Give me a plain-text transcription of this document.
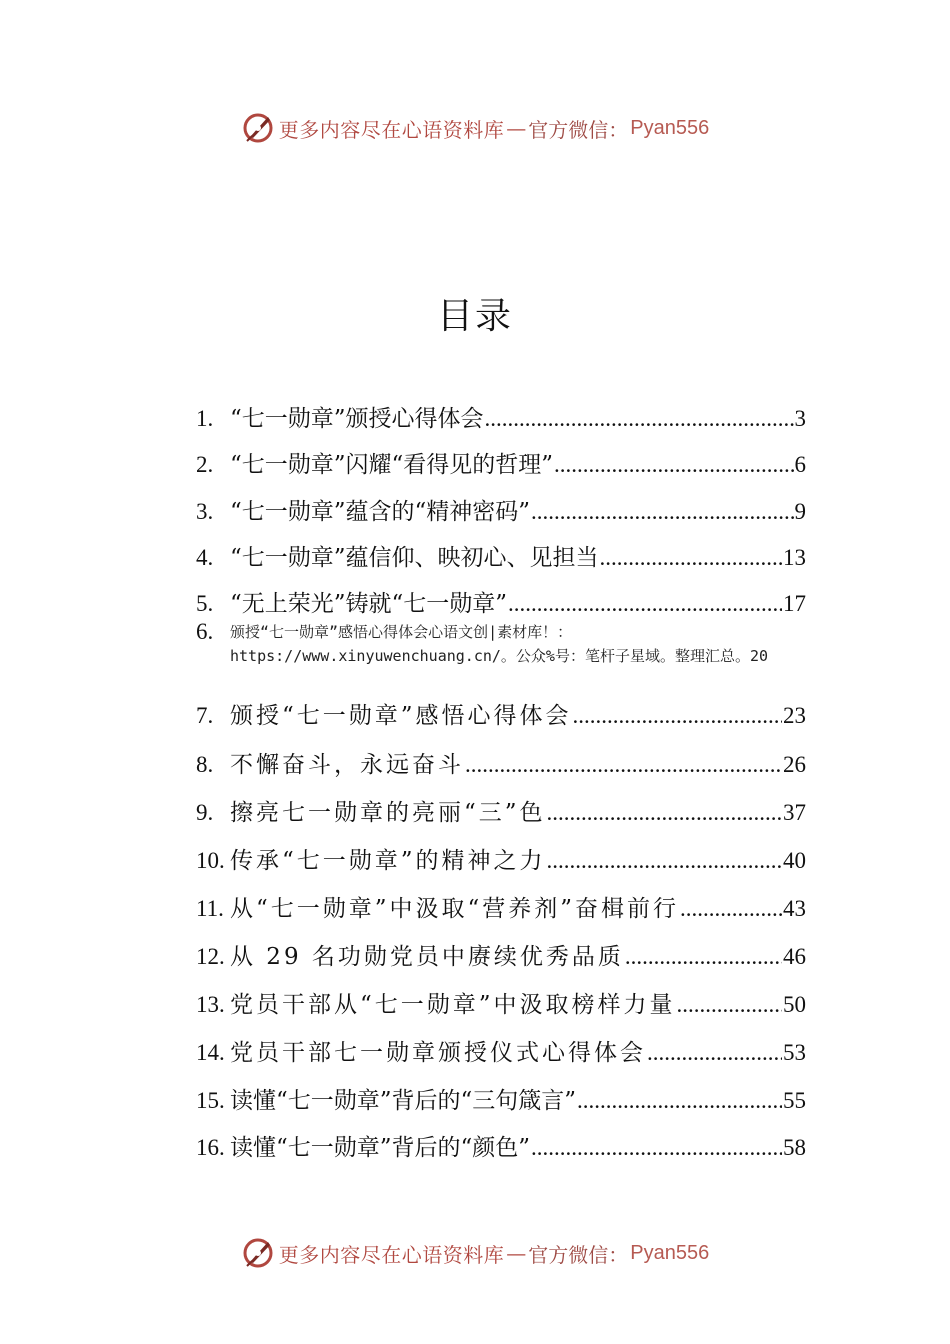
更多内容尽在心语资料库 — 官方微信： Pyan556
目录
1. “七一勋章”颁授心得体会 .....	3
2. “七一勋章”闪耀“看得见的哲理” .....	6
3. “七一勋章”蕴含的“精神密码” .....	9
4. “七一勋章”蕴信仰、映初心、见担当 .....	13
5. “无上荣光”铸就“七一勋章” .....	17
6.	颁授“七一勋章”感悟心得体会心语文创|素材库！：
https://www.xinyuwenchuang.cn/。公众%号：笔杆子星域。整理汇总。20
7. 颁授“七一勋章”感悟心得体会 .....	23
8. 不懈奋斗，永远奋斗 .....	26
9. 擦亮七一勋章的亮丽“三”色 .....	37
10. 传承“七一勋章”的精神之力 .....	40
11. 从“七一勋章”中汲取“营养剂”奋楫前行 .....	43
12. 从 29 名功勋党员中赓续优秀品质 .....	46
13. 党员干部从“七一勋章”中汲取榜样力量 .....	50
14. 党员干部七一勋章颁授仪式心得体会 .....	53
15. 读懂“七一勋章”背后的“三句箴言” .....	55
16. 读懂“七一勋章”背后的“颜色” .....	58
更多内容尽在心语资料库 — 官方微信： Pyan556
